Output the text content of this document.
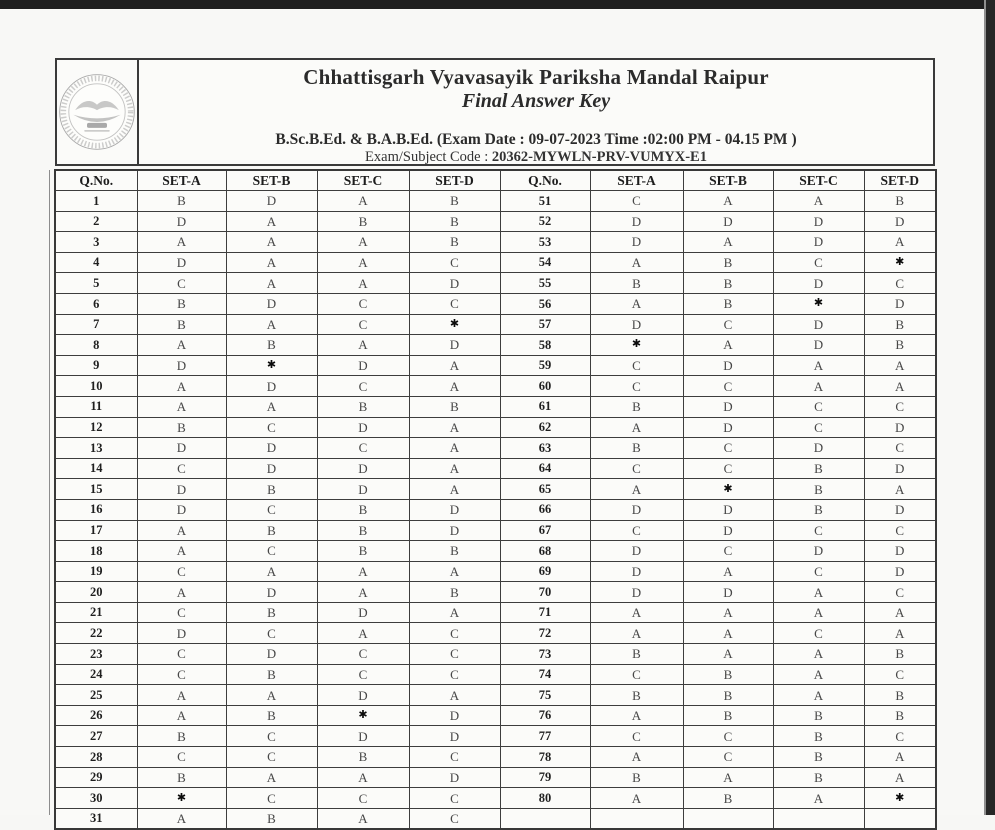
Chhattisgarh Vyavasayik Pariksha Mandal Raipur
Final Answer Key
B.Sc.B.Ed. & B.A.B.Ed. (Exam Date : 09-07-2023 Time :02:00 PM - 04.15 PM )
Exam/Subject Code : 20362-MYWLN-PRV-VUMYX-E1
Q.No.	SET-A	SET-B	SET-C	SET-D	Q.No.	SET-A	SET-B	SET-C	SET-D
1	B	D	A	B	51	C	A	A	B
2	D	A	B	B	52	D	D	D	D
3	A	A	A	B	53	D	A	D	A
4	D	A	A	C	54	A	B	C	✱
5	C	A	A	D	55	B	B	D	C
6	B	D	C	C	56	A	B	✱	D
7	B	A	C	✱	57	D	C	D	B
8	A	B	A	D	58	✱	A	D	B
9	D	✱	D	A	59	C	D	A	A
10	A	D	C	A	60	C	C	A	A
11	A	A	B	B	61	B	D	C	C
12	B	C	D	A	62	A	D	C	D
13	D	D	C	A	63	B	C	D	C
14	C	D	D	A	64	C	C	B	D
15	D	B	D	A	65	A	✱	B	A
16	D	C	B	D	66	D	D	B	D
17	A	B	B	D	67	C	D	C	C
18	A	C	B	B	68	D	C	D	D
19	C	A	A	A	69	D	A	C	D
20	A	D	A	B	70	D	D	A	C
21	C	B	D	A	71	A	A	A	A
22	D	C	A	C	72	A	A	C	A
23	C	D	C	C	73	B	A	A	B
24	C	B	C	C	74	C	B	A	C
25	A	A	D	A	75	B	B	A	B
26	A	B	✱	D	76	A	B	B	B
27	B	C	D	D	77	C	C	B	C
28	C	C	B	C	78	A	C	B	A
29	B	A	A	D	79	B	A	B	A
30	✱	C	C	C	80	A	B	A	✱
31	A	B	A	C					
